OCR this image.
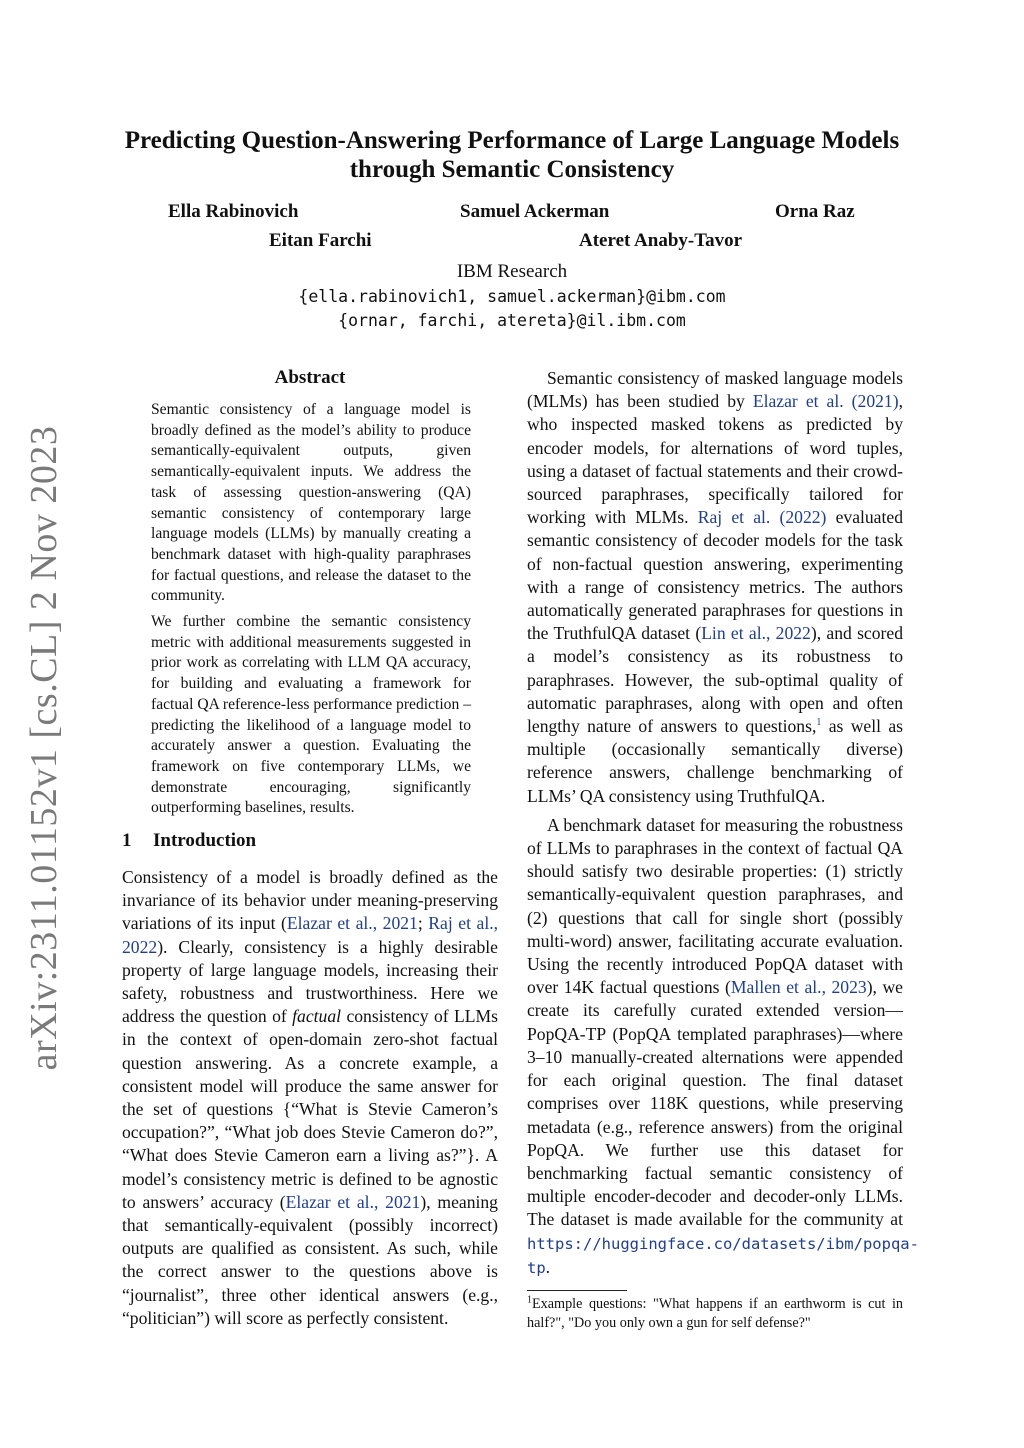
arXiv:2311.01152v1 [cs.CL] 2 Nov 2023
Predicting Question-Answering Performance of Large Language Models
through Semantic Consistency
Ella Rabinovich	Samuel Ackerman	Orna Raz
Eitan Farchi	Ateret Anaby-Tavor
IBM Research
{ella.rabinovich1, samuel.ackerman}@ibm.com
{ornar, farchi, atereta}@il.ibm.com
Abstract

Semantic consistency of a language model is broadly defined as the model’s ability to produce semantically-equivalent outputs, given semantically-equivalent inputs. We address the task of assessing question-answering (QA) semantic consistency of contemporary large language models (LLMs) by manually creating a benchmark dataset with high-quality paraphrases for factual questions, and release the dataset to the community.

We further combine the semantic consistency metric with additional measurements suggested in prior work as correlating with LLM QA accuracy, for building and evaluating a framework for factual QA reference-less performance prediction – predicting the likelihood of a language model to accurately answer a question. Evaluating the framework on five contemporary LLMs, we demonstrate encouraging, significantly outperforming baselines, results.

1 Introduction

Consistency of a model is broadly defined as the invariance of its behavior under meaning-preserving variations of its input (Elazar et al., 2021; Raj et al., 2022). Clearly, consistency is a highly desirable property of large language models, increasing their safety, robustness and trustworthiness. Here we address the question of factual consistency of LLMs in the context of open-domain zero-shot factual question answering. As a concrete example, a consistent model will produce the same answer for the set of questions {“What is Stevie Cameron’s occupation?”, “What job does Stevie Cameron do?”, “What does Stevie Cameron earn a living as?”}. A model’s consistency metric is defined to be agnostic to answers’ accuracy (Elazar et al., 2021), meaning that semantically-equivalent (possibly incorrect) outputs are qualified as consistent. As such, while the correct answer to the questions above is “journalist”, three other identical answers (e.g., “politician”) will score as perfectly consistent.

Semantic consistency of masked language models (MLMs) has been studied by Elazar et al. (2021), who inspected masked tokens as predicted by encoder models, for alternations of word tuples, using a dataset of factual statements and their crowd-sourced paraphrases, specifically tailored for working with MLMs. Raj et al. (2022) evaluated semantic consistency of decoder models for the task of non-factual question answering, experimenting with a range of consistency metrics. The authors automatically generated paraphrases for questions in the TruthfulQA dataset (Lin et al., 2022), and scored a model’s consistency as its robustness to paraphrases. However, the sub-optimal quality of automatic paraphrases, along with open and often lengthy nature of answers to questions,$^1$ as well as multiple (occasionally semantically diverse) reference answers, challenge benchmarking of LLMs’ QA consistency using TruthfulQA.

A benchmark dataset for measuring the robustness of LLMs to paraphrases in the context of factual QA should satisfy two desirable properties: (1) strictly semantically-equivalent question paraphrases, and (2) questions that call for single short (possibly multi-word) answer, facilitating accurate evaluation. Using the recently introduced PopQA dataset with over 14K factual questions (Mallen et al., 2023), we create its carefully curated extended version—PopQA-TP (PopQA templated paraphrases)—where 3–10 manually-created alternations were appended for each original question. The final dataset comprises over 118K questions, while preserving metadata (e.g., reference answers) from the original PopQA. We further use this dataset for benchmarking factual semantic consistency of multiple encoder-decoder and decoder-only LLMs. The dataset is made available for the community at https://huggingface.co/datasets/ibm/popqa-tp.

$^1$Example questions: "What happens if an earthworm is cut in half?", "Do you only own a gun for self defense?"
